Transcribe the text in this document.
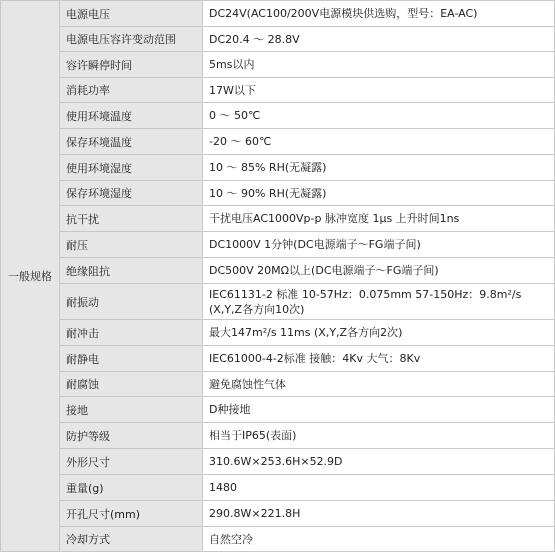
一般规格	电源电压	DC24V(AC100/200V电源模块供选购，型号：EA-AC)
	电源电压容许变动范围	DC20.4 ～ 28.8V
	容许瞬停时间	5ms以内
	消耗功率	17W以下
	使用环境温度	0 ～ 50℃
	保存环境温度	-20 ～ 60℃
	使用环境湿度	10 ～ 85% RH(无凝露)
	保存环境湿度	10 ～ 90% RH(无凝露)
	抗干扰	干扰电压AC1000Vp-p 脉冲宽度 1μs 上升时间1ns
	耐压	DC1000V 1分钟(DC电源端子～FG端子间)
	绝缘阻抗	DC500V 20MΩ以上(DC电源端子～FG端子间)
	耐振动	IEC61131-2 标准 10-57Hz：0.075mm 57-150Hz：9.8m²/s (X,Y,Z各方向10次)
	耐冲击	最大147m²/s 11ms (X,Y,Z各方向2次)
	耐静电	IEC61000-4-2标准 接触：4Kv 大气：8Kv
	耐腐蚀	避免腐蚀性气体
	接地	D种接地
	防护等级	相当于IP65(表面)
	外形尺寸	310.6W×253.6H×52.9D
	重量(g)	1480
	开孔尺寸(mm)	290.8W×221.8H
	冷却方式	自然空冷
